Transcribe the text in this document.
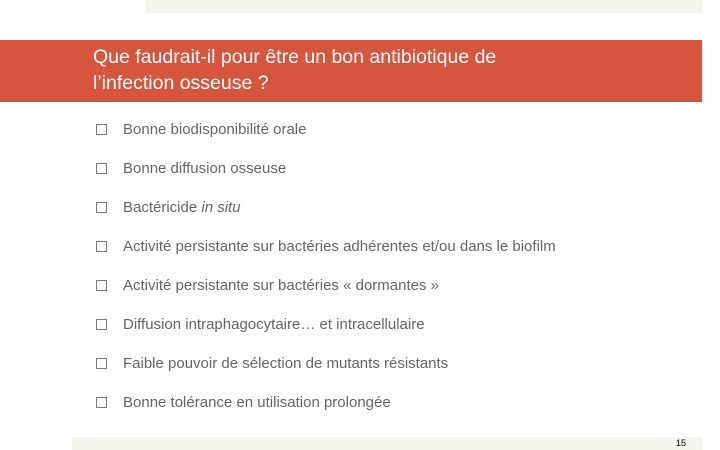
Que faudrait-il pour être un bon antibiotique de
l’infection osseuse ?
Bonne biodisponibilité orale
Bonne diffusion osseuse
Bactéricide in situ
Activité persistante sur bactéries adhérentes et/ou dans le biofilm
Activité persistante sur bactéries « dormantes »
Diffusion intraphagocytaire… et intracellulaire
Faible pouvoir de sélection de mutants résistants
Bonne tolérance en utilisation prolongée
15
